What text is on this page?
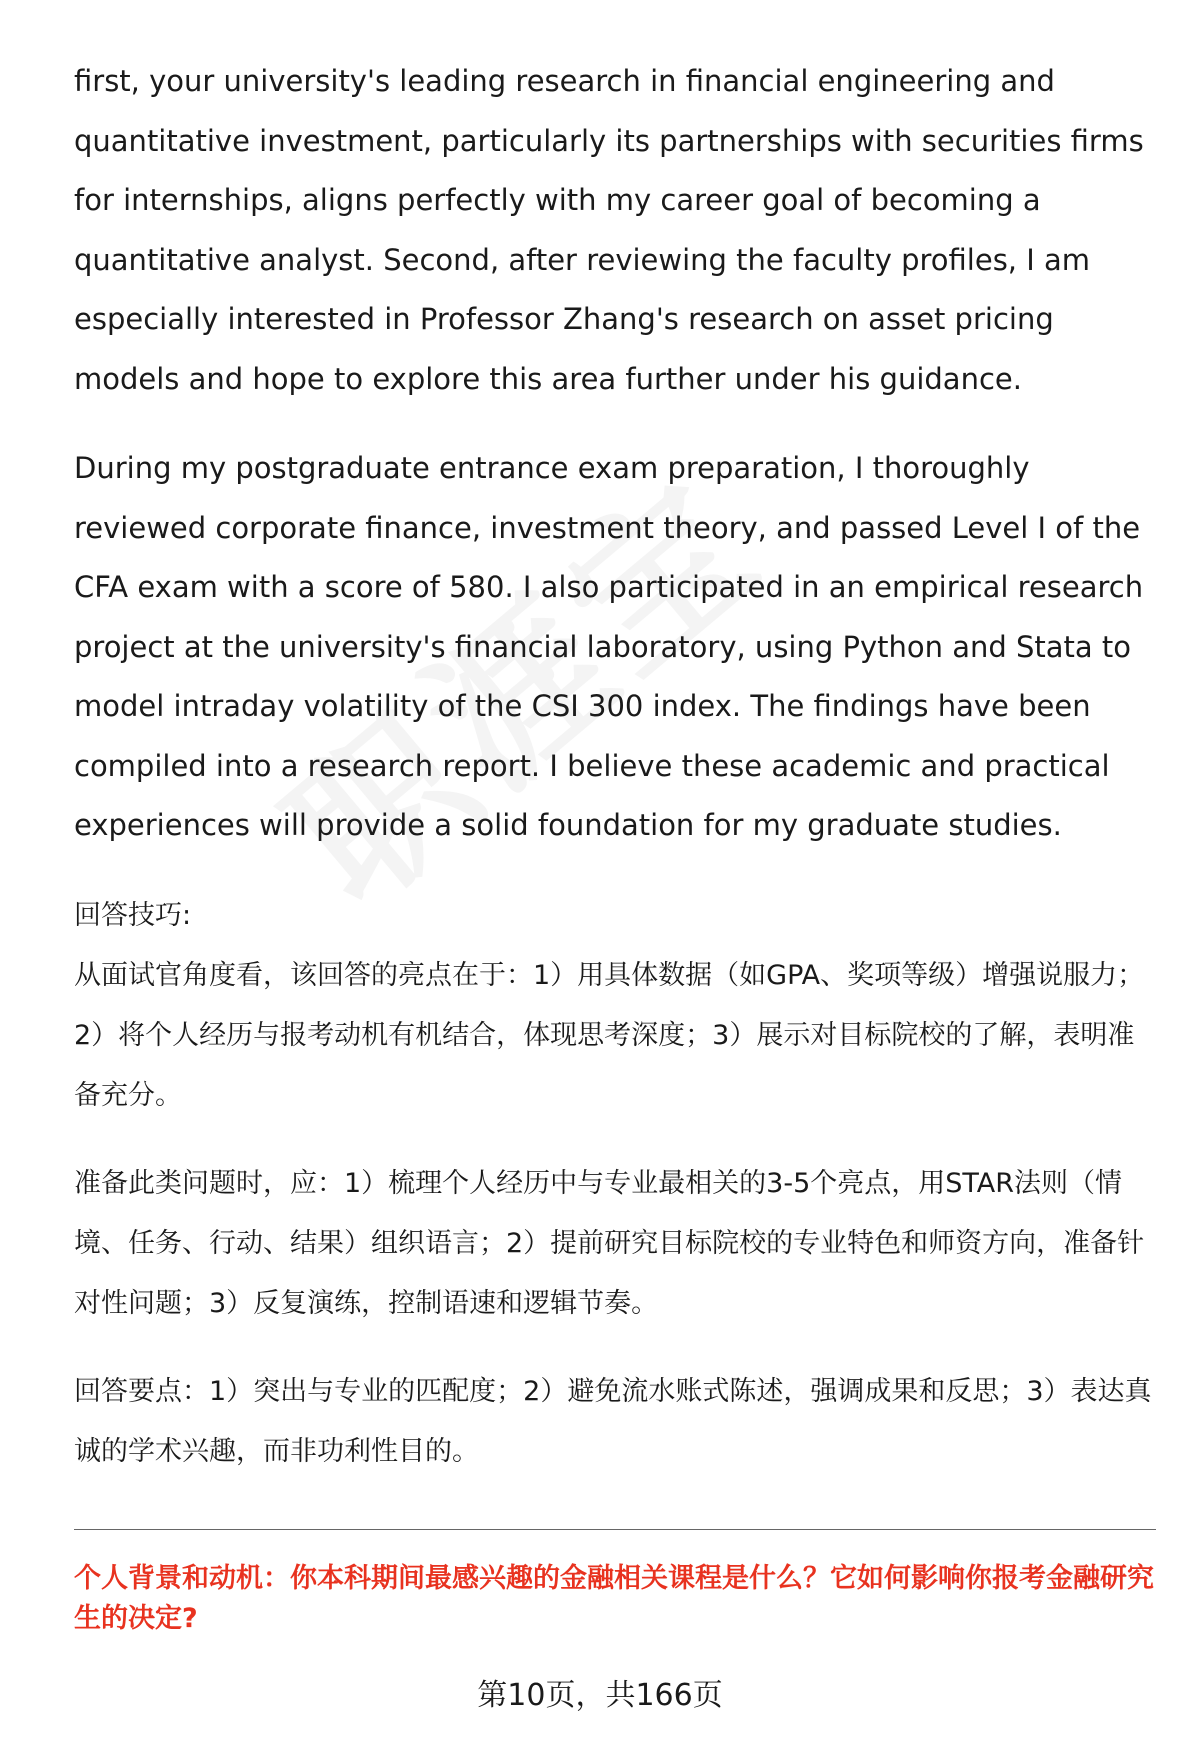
first, your university's leading research in financial engineering and quantitative investment, particularly its partnerships with securities firms for internships, aligns perfectly with my career goal of becoming a quantitative analyst. Second, after reviewing the faculty profiles, I am especially interested in Professor Zhang's research on asset pricing models and hope to explore this area further under his guidance.

During my postgraduate entrance exam preparation, I thoroughly reviewed corporate finance, investment theory, and passed Level I of the CFA exam with a score of 580. I also participated in an empirical research project at the university's financial laboratory, using Python and Stata to model intraday volatility of the CSI 300 index. The findings have been compiled into a research report. I believe these academic and practical experiences will provide a solid foundation for my graduate studies.

回答技巧:

从面试官角度看，该回答的亮点在于：1）用具体数据（如GPA、奖项等级）增强说服力；2）将个人经历与报考动机有机结合，体现思考深度；3）展示对目标院校的了解，表明准备充分。

准备此类问题时，应：1）梳理个人经历中与专业最相关的3-5个亮点，用STAR法则（情境、任务、行动、结果）组织语言；2）提前研究目标院校的专业特色和师资方向，准备针对性问题；3）反复演练，控制语速和逻辑节奏。

回答要点：1）突出与专业的匹配度；2）避免流水账式陈述，强调成果和反思；3）表达真诚的学术兴趣，而非功利性目的。

个人背景和动机：你本科期间最感兴趣的金融相关课程是什么？它如何影响你报考金融研究生的决定?

第10页，共166页
